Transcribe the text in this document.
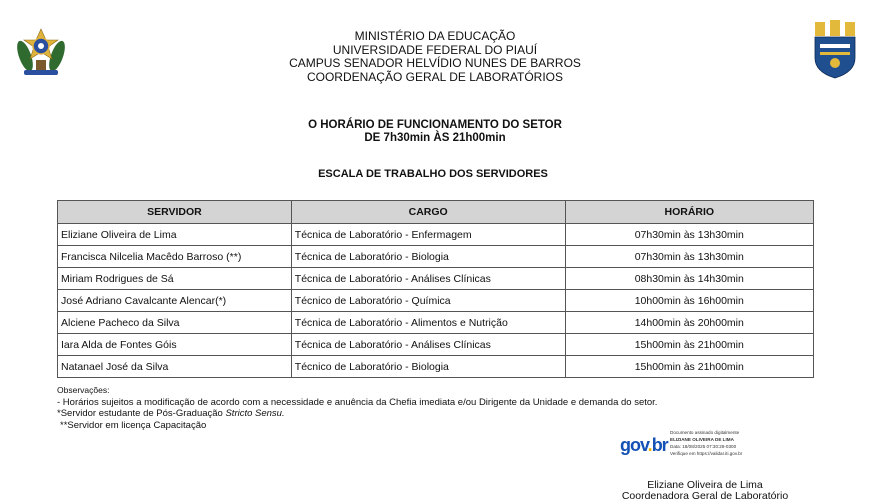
MINISTÉRIO DA EDUCAÇÃO
UNIVERSIDADE FEDERAL DO PIAUÍ
CAMPUS SENADOR HELVÍDIO NUNES DE BARROS
COORDENAÇÃO GERAL DE LABORATÓRIOS
O HORÁRIO DE FUNCIONAMENTO DO SETOR
DE 7h30min ÀS 21h00min
ESCALA DE TRABALHO DOS SERVIDORES
SERVIDOR	CARGO	HORÁRIO
Eliziane Oliveira de Lima	Técnica de Laboratório - Enfermagem	07h30min às 13h30min
Francisca Nilcelia Macêdo Barroso (**)	Técnica de Laboratório - Biologia	07h30min às 13h30min
Miriam Rodrigues de Sá	Técnica de Laboratório - Análises Clínicas	08h30min às 14h30min
José Adriano Cavalcante Alencar(*)	Técnico de Laboratório - Química	10h00min às 16h00min
Alciene Pacheco da Silva	Técnica de Laboratório - Alimentos e Nutrição	14h00min às 20h00min
Iara Alda de Fontes Góis	Técnica de Laboratório - Análises Clínicas	15h00min às 21h00min
Natanael José da Silva	Técnico de Laboratório - Biologia	15h00min às 21h00min
Observações:
- Horários sujeitos a modificação de acordo com a necessidade e anuência da Chefia imediata e/ou Dirigente da Unidade e demanda do setor.
*Servidor estudante de Pós-Graduação Stricto Sensu.
**Servidor em licença Capacitação
gov.br
Documento assinado digitalmente
ELIZIANE OLIVEIRA DE LIMA
Data: 18/08/2025 07:30:28-0300
Verifique em https://validar.iti.gov.br
Eliziane Oliveira de Lima
Coordenadora Geral de Laboratório
